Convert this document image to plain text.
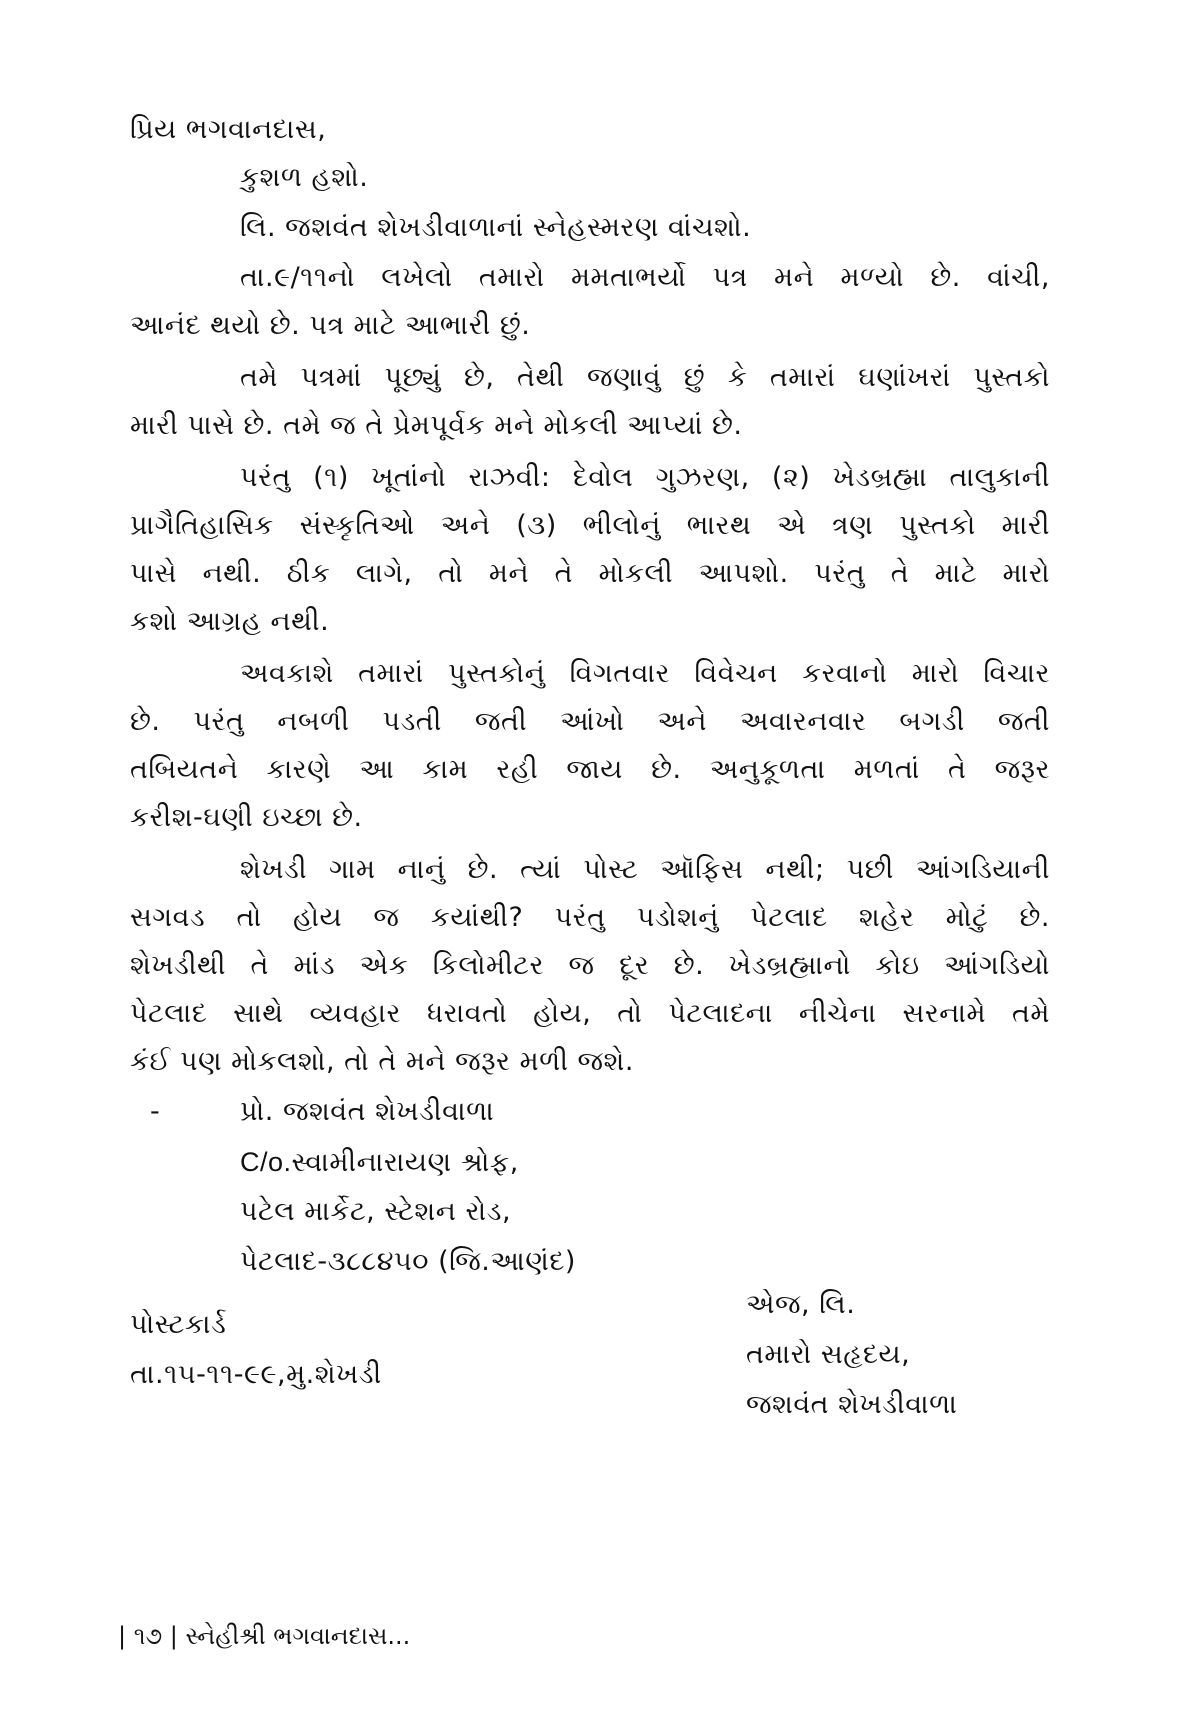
પ્રિય ભગવાનદાસ,
કુશળ હશો.
લિ. જશવંત શેખડીવાળાનાં સ્નેહસ્મરણ વાંચશો.
તા.૯/૧૧નો લખેલો તમારો મમતાભર્યો પત્ર મને મળ્યો છે. વાંચી,
આનંદ થયો છે. પત્ર માટે આભારી છું.
તમે પત્રમાં પૂછ્યું છે, તેથી જણાવું છું કે તમારાં ઘણાંખરાં પુસ્તકો
મારી પાસે છે. તમે જ તે પ્રેમપૂર્વક મને મોકલી આપ્યાં છે.
પરંતુ (૧) ખૂતાંનો રાઝવી: દેવોલ ગુઝરણ, (૨) ખેડબ્રહ્મા તાલુકાની
પ્રાગૈતિહાસિક સંસ્કૃતિઓ અને (૩) ભીલોનું ભારથ એ ત્રણ પુસ્તકો મારી
પાસે નથી. ઠીક લાગે, તો મને તે મોકલી આપશો. પરંતુ તે માટે મારો
કશો આગ્રહ નથી.
અવકાશે તમારાં પુસ્તકોનું વિગતવાર વિવેચન કરવાનો મારો વિચાર
છે. પરંતુ નબળી પડતી જતી આંખો અને અવારનવાર બગડી જતી
તબિયતને કારણે આ કામ રહી જાય છે. અનુકૂળતા મળતાં તે જરૂર
કરીશ-ઘણી ઇચ્છા છે.
શેખડી ગામ નાનું છે. ત્યાં પોસ્ટ ઑફિસ નથી; પછી આંગડિયાની
સગવડ તો હોય જ કયાંથી? પરંતુ પડોશનું પેટલાદ શહેર મોટું છે.
શેખડીથી તે માંડ એક કિલોમીટર જ દૂર છે. ખેડબ્રહ્માનો કોઇ આંગડિયો
પેટલાદ સાથે વ્યવહાર ધરાવતો હોય, તો પેટલાદના નીચેના સરનામે તમે
કંઈ પણ મોકલશો, તો તે મને જરૂર મળી જશે.
-	પ્રો. જશવંત શેખડીવાળા
C/o.સ્વામીનારાયણ શ્રોફ,
પટેલ માર્કેટ, સ્ટેશન રોડ,
પેટલાદ-૩૮૮૪૫૦ (જિ.આણંદ)
પોસ્ટકાર્ડ
તા.૧૫-૧૧-૯૯,મુ.શેખડી
એજ, લિ.
તમારો સહૃદય,
જશવંત શેખડીવાળા
| ૧૭ | સ્નેહીશ્રી ભગવાનદાસ...
